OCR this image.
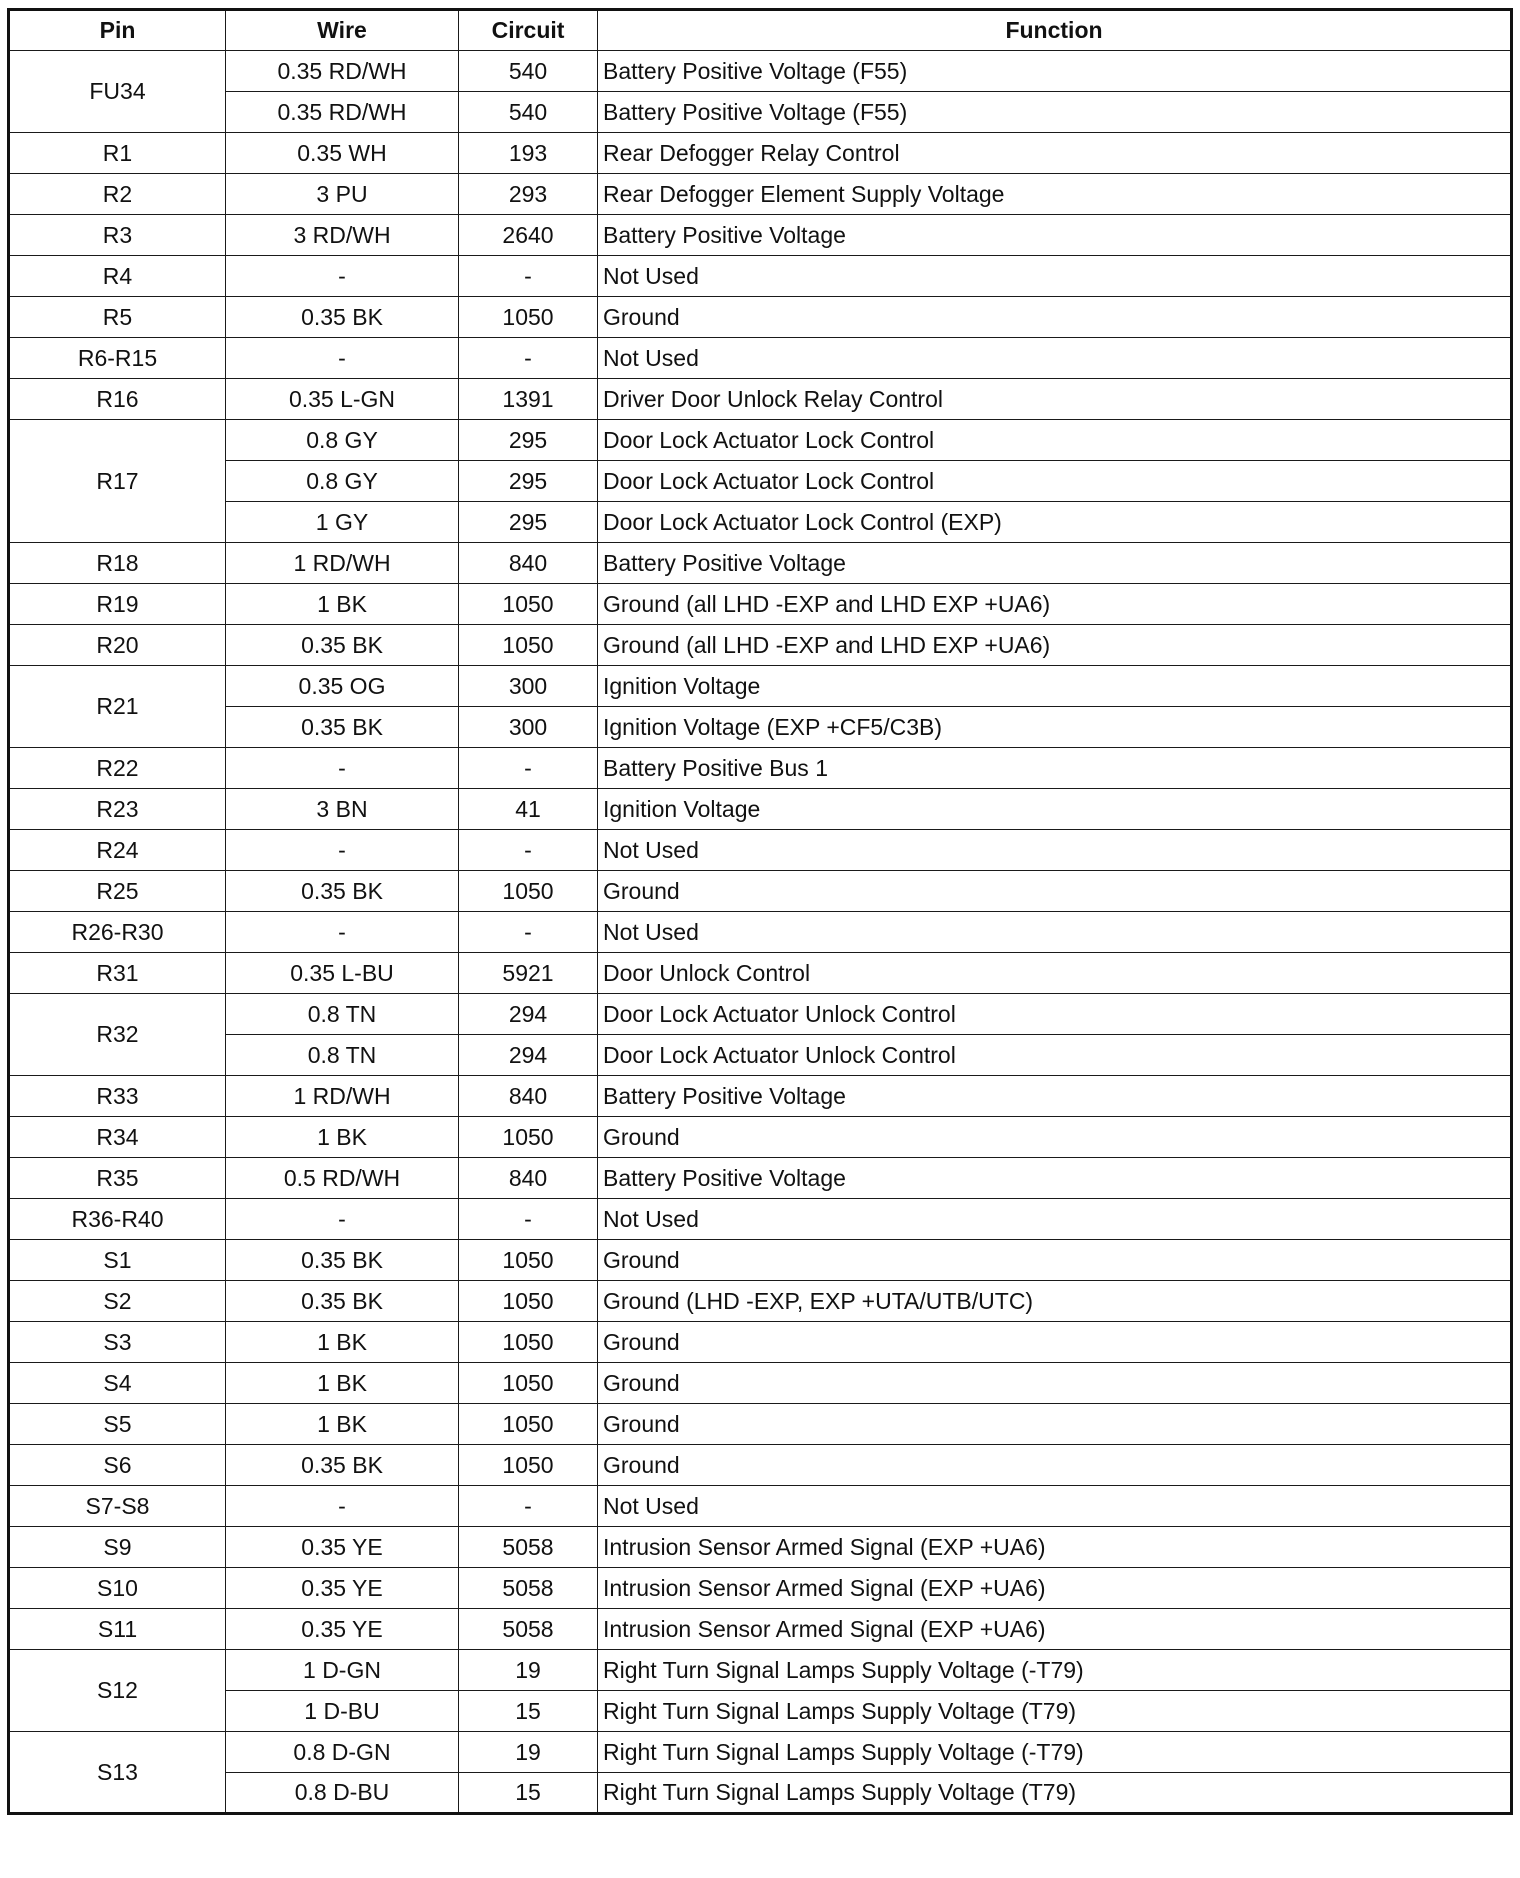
Pin	Wire	Circuit	Function
FU34	0.35 RD/WH	540	Battery Positive Voltage (F55)
	0.35 RD/WH	540	Battery Positive Voltage (F55)
R1	0.35 WH	193	Rear Defogger Relay Control
R2	3 PU	293	Rear Defogger Element Supply Voltage
R3	3 RD/WH	2640	Battery Positive Voltage
R4	-	-	Not Used
R5	0.35 BK	1050	Ground
R6-R15	-	-	Not Used
R16	0.35 L-GN	1391	Driver Door Unlock Relay Control
R17	0.8 GY	295	Door Lock Actuator Lock Control
	0.8 GY	295	Door Lock Actuator Lock Control
	1 GY	295	Door Lock Actuator Lock Control (EXP)
R18	1 RD/WH	840	Battery Positive Voltage
R19	1 BK	1050	Ground (all LHD -EXP and LHD EXP +UA6)
R20	0.35 BK	1050	Ground (all LHD -EXP and LHD EXP +UA6)
R21	0.35 OG	300	Ignition Voltage
	0.35 BK	300	Ignition Voltage (EXP +CF5/C3B)
R22	-	-	Battery Positive Bus 1
R23	3 BN	41	Ignition Voltage
R24	-	-	Not Used
R25	0.35 BK	1050	Ground
R26-R30	-	-	Not Used
R31	0.35 L-BU	5921	Door Unlock Control
R32	0.8 TN	294	Door Lock Actuator Unlock Control
	0.8 TN	294	Door Lock Actuator Unlock Control
R33	1 RD/WH	840	Battery Positive Voltage
R34	1 BK	1050	Ground
R35	0.5 RD/WH	840	Battery Positive Voltage
R36-R40	-	-	Not Used
S1	0.35 BK	1050	Ground
S2	0.35 BK	1050	Ground (LHD -EXP, EXP +UTA/UTB/UTC)
S3	1 BK	1050	Ground
S4	1 BK	1050	Ground
S5	1 BK	1050	Ground
S6	0.35 BK	1050	Ground
S7-S8	-	-	Not Used
S9	0.35 YE	5058	Intrusion Sensor Armed Signal (EXP +UA6)
S10	0.35 YE	5058	Intrusion Sensor Armed Signal (EXP +UA6)
S11	0.35 YE	5058	Intrusion Sensor Armed Signal (EXP +UA6)
S12	1 D-GN	19	Right Turn Signal Lamps Supply Voltage (-T79)
	1 D-BU	15	Right Turn Signal Lamps Supply Voltage (T79)
S13	0.8 D-GN	19	Right Turn Signal Lamps Supply Voltage (-T79)
	0.8 D-BU	15	Right Turn Signal Lamps Supply Voltage (T79)
